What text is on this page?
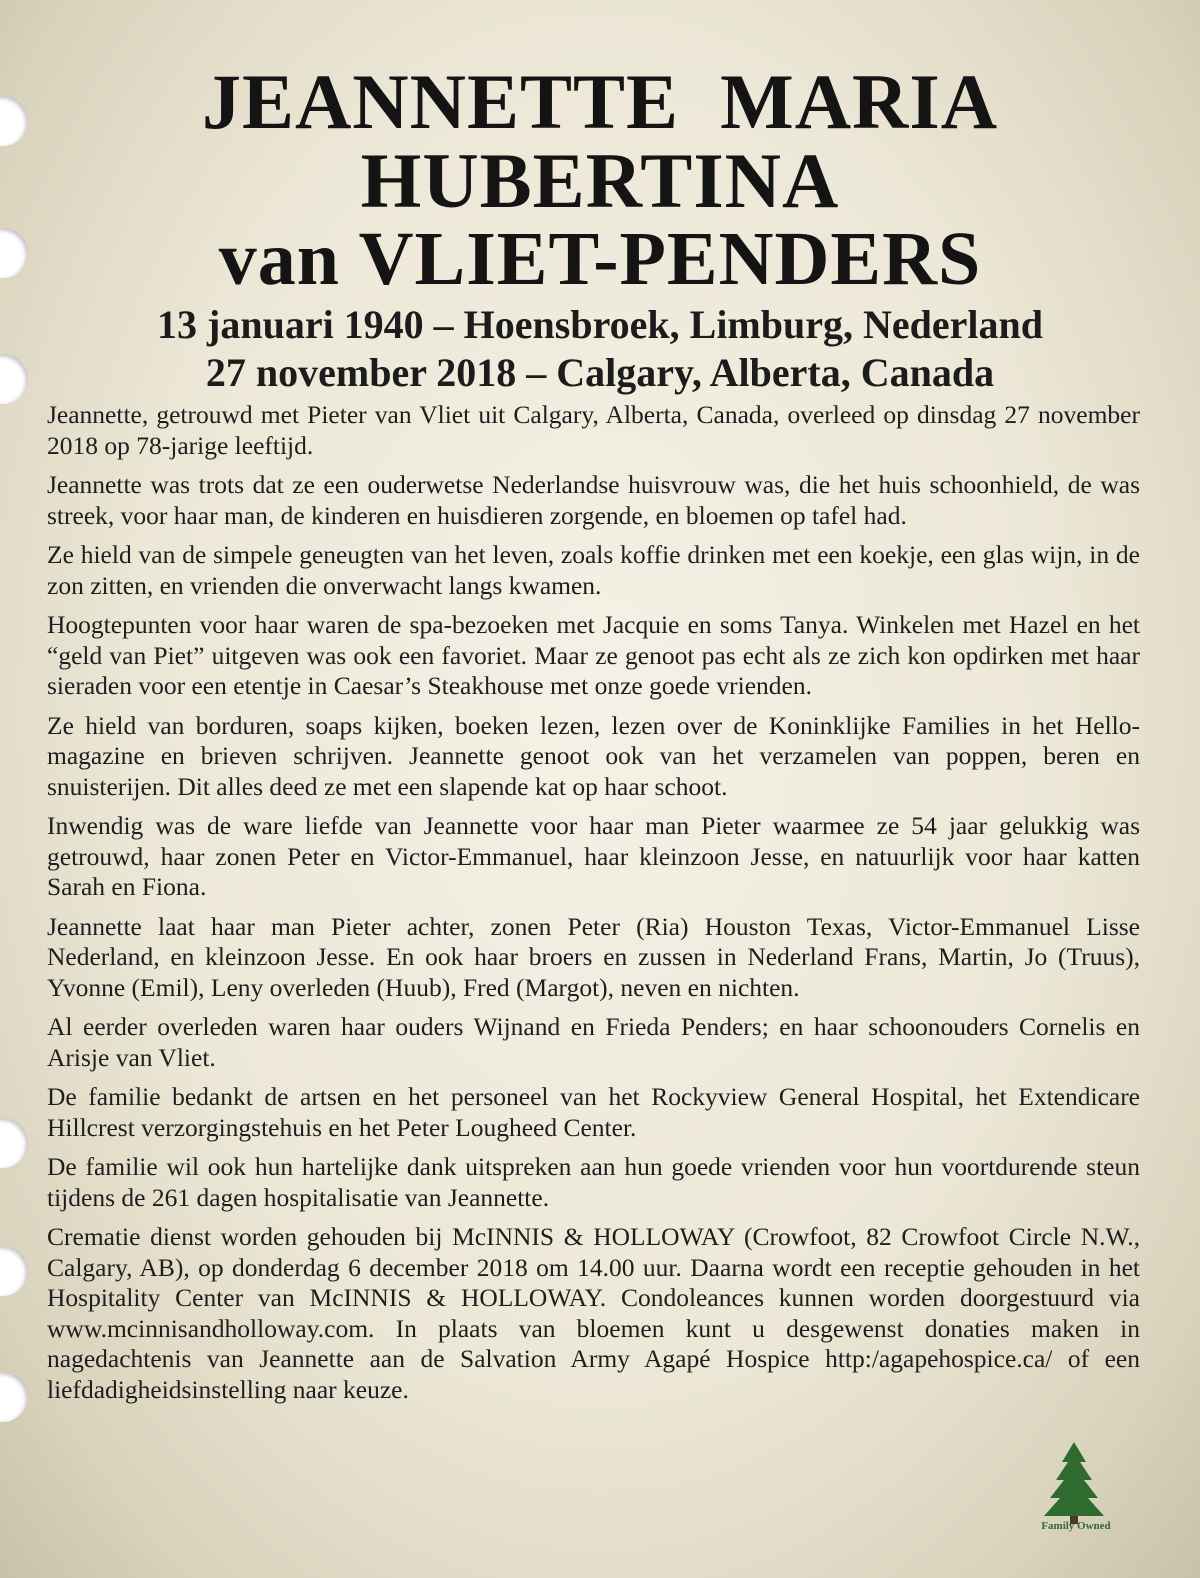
JEANNETTE  MARIA
HUBERTINA
van VLIET-PENDERS
13 januari 1940 – Hoensbroek, Limburg, Nederland
27 november 2018 – Calgary, Alberta, Canada

Jeannette, getrouwd met Pieter van Vliet uit Calgary, Alberta, Canada, overleed op dinsdag 27 november 2018 op 78-jarige leeftijd.

Jeannette was trots dat ze een ouderwetse Nederlandse huisvrouw was, die het huis schoonhield, de was streek, voor haar man, de kinderen en huisdieren zorgende, en bloemen op tafel had.

Ze hield van de simpele geneugten van het leven, zoals koffie drinken met een koekje, een glas wijn, in de zon zitten, en vrienden die onverwacht langs kwamen.

Hoogtepunten voor haar waren de spa-bezoeken met Jacquie en soms Tanya. Winkelen met Hazel en het “geld van Piet” uitgeven was ook een favoriet. Maar ze genoot pas echt als ze zich kon opdirken met haar sieraden voor een etentje in Caesar’s Steakhouse met onze goede vrienden.

Ze hield van borduren, soaps kijken, boeken lezen, lezen over de Koninklijke Families in het Hello-magazine en brieven schrijven. Jeannette genoot ook van het verzamelen van poppen, beren en snuisterijen. Dit alles deed ze met een slapende kat op haar schoot.

Inwendig was de ware liefde van Jeannette voor haar man Pieter waarmee ze 54 jaar gelukkig was getrouwd, haar zonen Peter en Victor-Emmanuel, haar kleinzoon Jesse, en natuurlijk voor haar katten Sarah en Fiona.

Jeannette laat haar man Pieter achter, zonen Peter (Ria) Houston Texas, Victor-Emmanuel Lisse Nederland, en kleinzoon Jesse. En ook haar broers en zussen in Nederland Frans, Martin, Jo (Truus), Yvonne (Emil), Leny overleden (Huub), Fred (Margot), neven en nichten.

Al eerder overleden waren haar ouders Wijnand en Frieda Penders; en haar schoonouders Cornelis en Arisje van Vliet.

De familie bedankt de artsen en het personeel van het Rockyview General Hospital, het Extendicare Hillcrest verzorgingstehuis en het Peter Lougheed Center.

De familie wil ook hun hartelijke dank uitspreken aan hun goede vrienden voor hun voortdurende steun tijdens de 261 dagen hospitalisatie van Jeannette.

Crematie dienst worden gehouden bij McINNIS & HOLLOWAY (Crowfoot, 82 Crowfoot Circle N.W., Calgary, AB), op donderdag 6 december 2018 om 14.00 uur. Daarna wordt een receptie gehouden in het Hospitality Center van McINNIS & HOLLOWAY. Condoleances kunnen worden doorgestuurd via www.mcinnisandholloway.com. In plaats van bloemen kunt u desgewenst donaties maken in nagedachtenis van Jeannette aan de Salvation Army Agapé Hospice http:/agapehospice.ca/ of een liefdadigheidsinstelling naar keuze.

Family Owned
